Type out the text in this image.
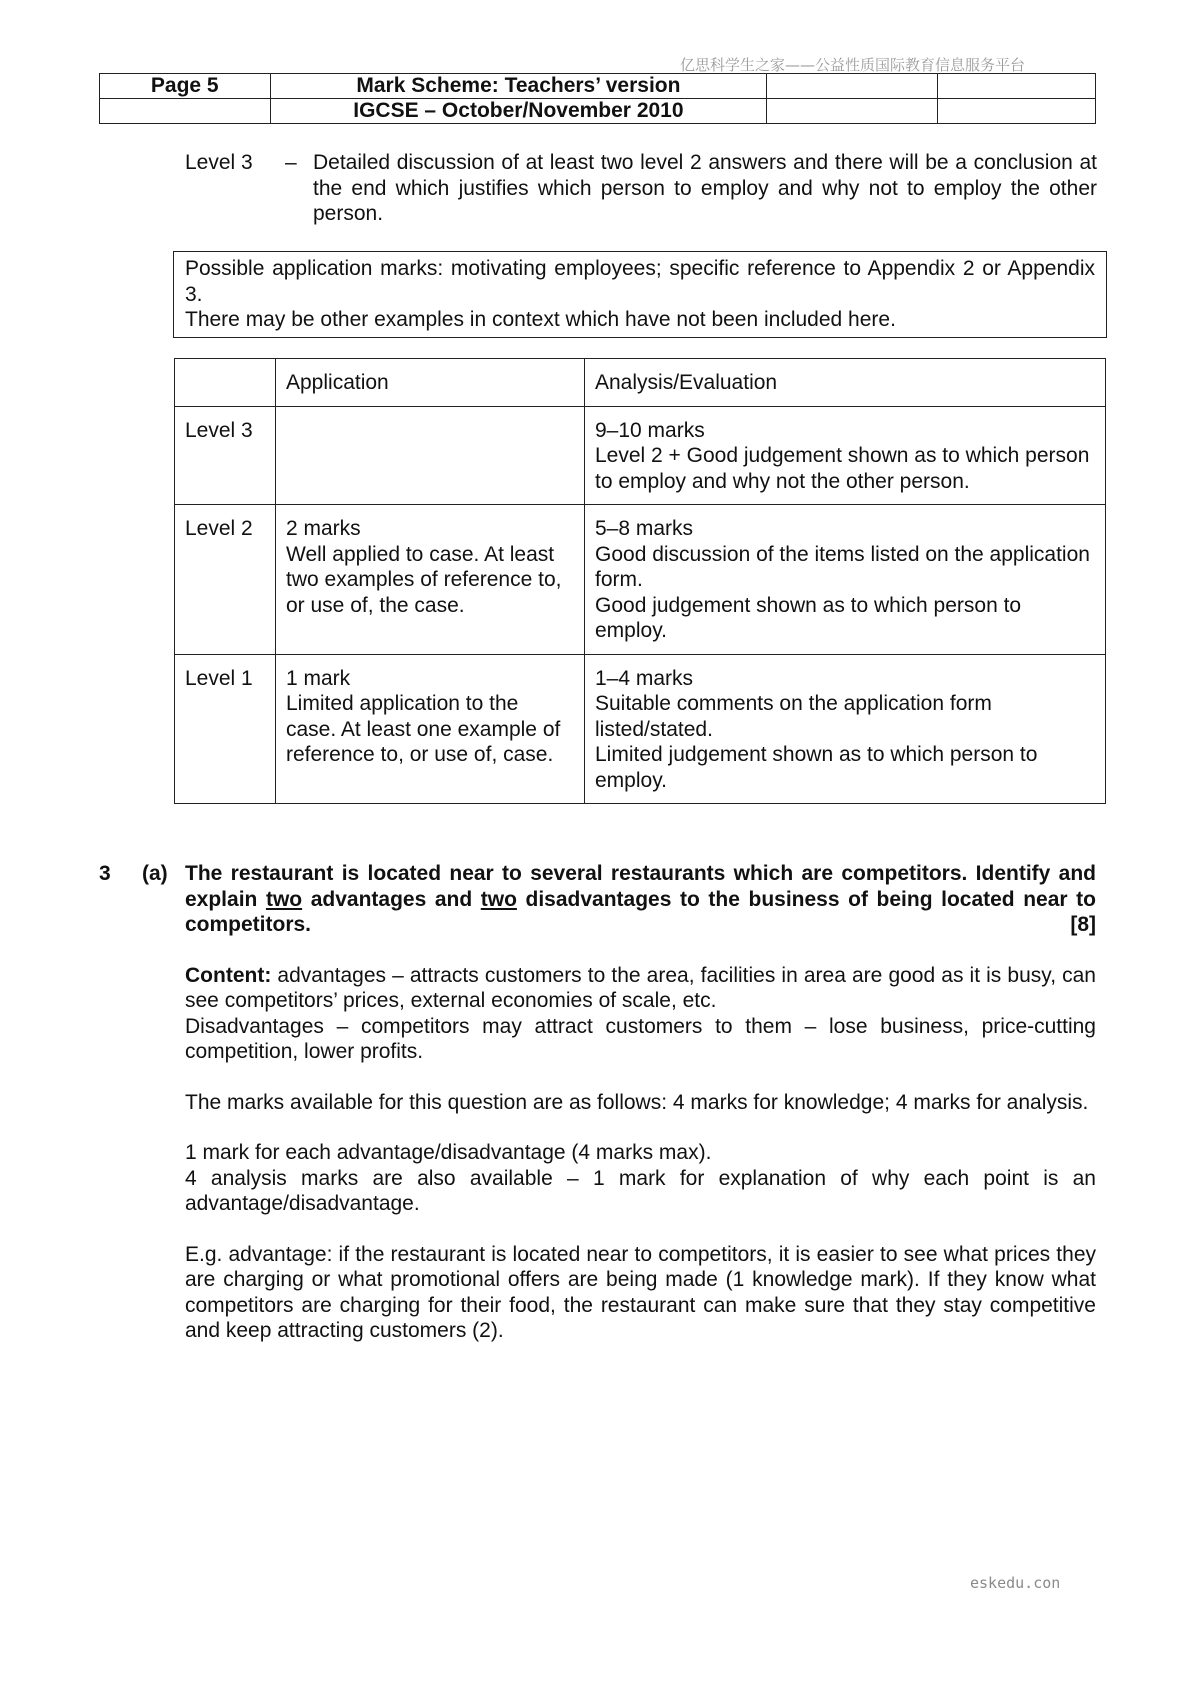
亿思科学生之家——公益性质国际教育信息服务平台
Page 5	Mark Scheme: Teachers’ version		
	IGCSE – October/November 2010		
Level 3 – Detailed discussion of at least two level 2 answers and there will be a conclusion at the end which justifies which person to employ and why not to employ the other person.

Possible application marks: motivating employees; specific reference to Appendix 2 or Appendix 3.

There may be other examples in context which have not been included here.

	Application	Analysis/Evaluation
Level 3		9–10 marks
Level 2 + Good judgement shown as to which person to employ and why not the other person.

Level 2	2 marks
Well applied to case. At least two examples of reference to, or use of, the case.	5–8 marks
Good discussion of the items listed on the application form.
Good judgement shown as to which person to employ.

Level 1	1 mark
Limited application to the case. At least one example of reference to, or use of, case.	1–4 marks
Suitable comments on the application form listed/stated.
Limited judgement shown as to which person to employ.
3 (a) The restaurant is located near to several restaurants which are competitors. Identify and explain two advantages and two disadvantages to the business of being located near to competitors.	[8]

Content: advantages – attracts customers to the area, facilities in area are good as it is busy, can see competitors’ prices, external economies of scale, etc.
Disadvantages – competitors may attract customers to them – lose business, price-cutting competition, lower profits.

The marks available for this question are as follows: 4 marks for knowledge; 4 marks for analysis.

1 mark for each advantage/disadvantage (4 marks max).
4 analysis marks are also available – 1 mark for explanation of why each point is an advantage/disadvantage.

E.g. advantage: if the restaurant is located near to competitors, it is easier to see what prices they are charging or what promotional offers are being made (1 knowledge mark). If they know what competitors are charging for their food, the restaurant can make sure that they stay competitive and keep attracting customers (2).

eskedu.con
